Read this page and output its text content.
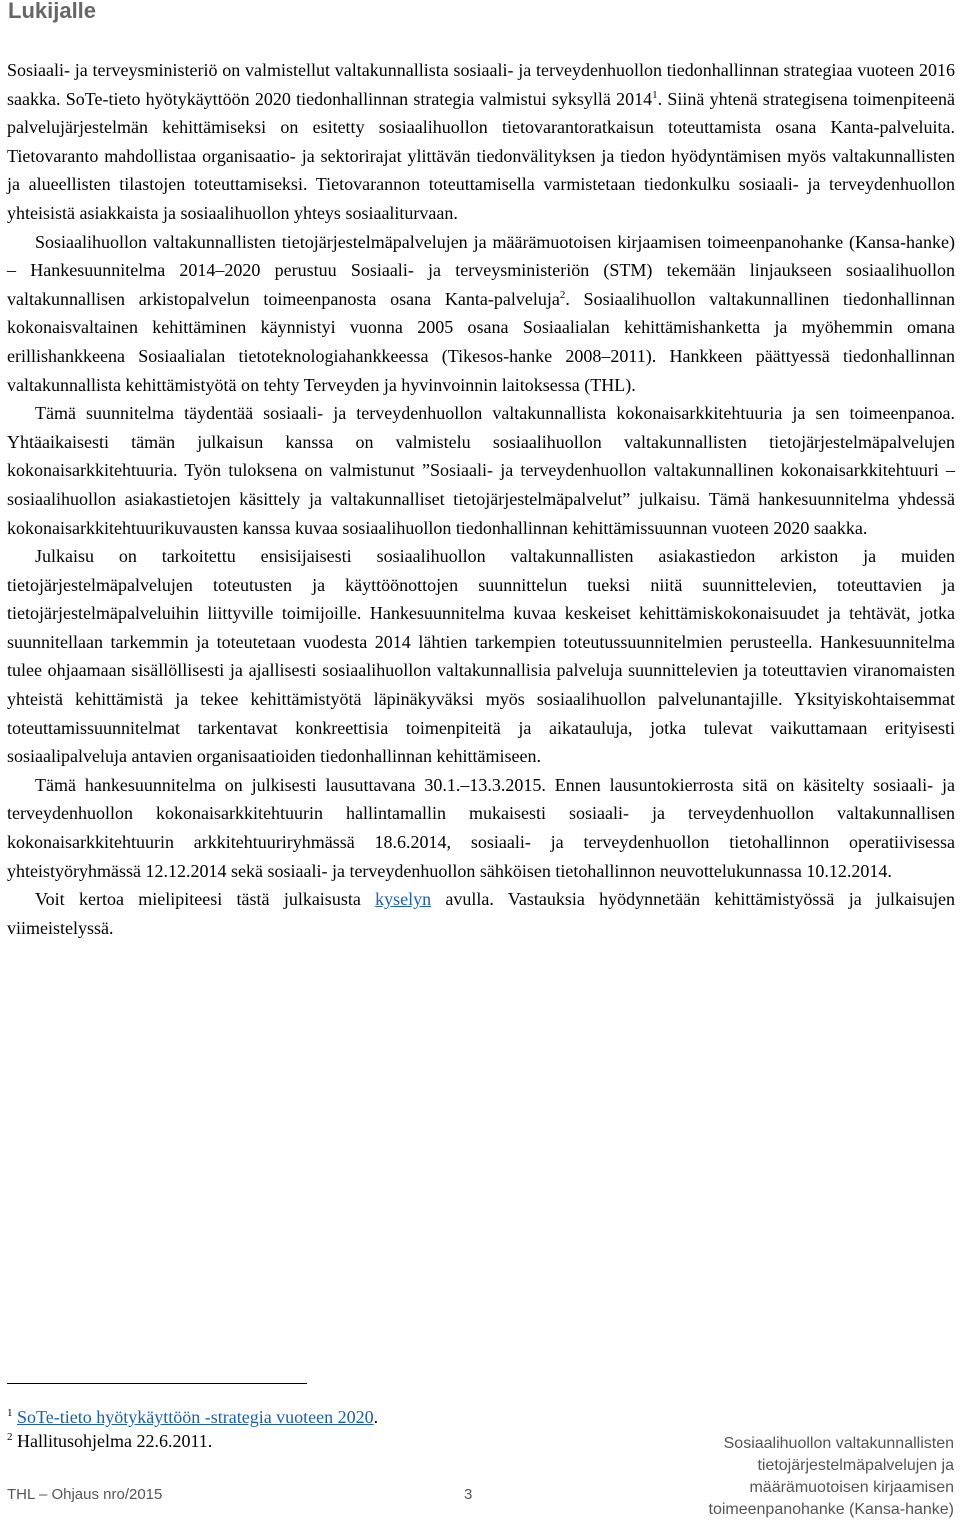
Lukijalle

Sosiaali- ja terveysministeriö on valmistellut valtakunnallista sosiaali- ja terveydenhuollon tiedonhallinnan strategiaa vuoteen 2016 saakka. SoTe-tieto hyötykäyttöön 2020 tiedonhallinnan strategia valmistui syksyllä 2014$^1$. Siinä yhtenä strategisena toimenpiteenä palvelujärjestelmän kehittämiseksi on esitetty sosiaalihuollon tietovarantoratkaisun toteuttamista osana Kanta-palveluita. Tietovaranto mahdollistaa organisaatio- ja sektorirajat ylittävän tiedonvälityksen ja tiedon hyödyntämisen myös valtakunnallisten ja alueellisten tilastojen toteuttamiseksi. Tietovarannon toteuttamisella varmistetaan tiedonkulku sosiaali- ja terveydenhuollon yhteisistä asiakkaista ja sosiaalihuollon yhteys sosiaaliturvaan.

Sosiaalihuollon valtakunnallisten tietojärjestelmäpalvelujen ja määrämuotoisen kirjaamisen toimeenpanohanke (Kansa-hanke) – Hankesuunnitelma 2014–2020 perustuu Sosiaali- ja terveysministeriön (STM) tekemään linjaukseen sosiaalihuollon valtakunnallisen arkistopalvelun toimeenpanosta osana Kanta-palveluja$^2$. Sosiaalihuollon valtakunnallinen tiedonhallinnan kokonaisvaltainen kehittäminen käynnistyi vuonna 2005 osana Sosiaalialan kehittämishanketta ja myöhemmin omana erillishankkeena Sosiaalialan tietoteknologiahankkeessa (Tikesos-hanke 2008–2011). Hankkeen päättyessä tiedonhallinnan valtakunnallista kehittämistyötä on tehty Terveyden ja hyvinvoinnin laitoksessa (THL).

Tämä suunnitelma täydentää sosiaali- ja terveydenhuollon valtakunnallista kokonaisarkkitehtuuria ja sen toimeenpanoa. Yhtäaikaisesti tämän julkaisun kanssa on valmistelu sosiaalihuollon valtakunnallisten tietojärjestelmäpalvelujen kokonaisarkkitehtuuria. Työn tuloksena on valmistunut ”Sosiaali- ja terveydenhuollon valtakunnallinen kokonaisarkkitehtuuri – sosiaalihuollon asiakastietojen käsittely ja valtakunnalliset tietojärjestelmäpalvelut” julkaisu. Tämä hankesuunnitelma yhdessä kokonaisarkkitehtuurikuvausten kanssa kuvaa sosiaalihuollon tiedonhallinnan kehittämissuunnan vuoteen 2020 saakka.

Julkaisu on tarkoitettu ensisijaisesti sosiaalihuollon valtakunnallisten asiakastiedon arkiston ja muiden tietojärjestelmäpalvelujen toteutusten ja käyttöönottojen suunnittelun tueksi niitä suunnittelevien, toteuttavien ja tietojärjestelmäpalveluihin liittyville toimijoille. Hankesuunnitelma kuvaa keskeiset kehittämiskokonaisuudet ja tehtävät, jotka suunnitellaan tarkemmin ja toteutetaan vuodesta 2014 lähtien tarkempien toteutussuunnitelmien perusteella. Hankesuunnitelma tulee ohjaamaan sisällöllisesti ja ajallisesti sosiaalihuollon valtakunnallisia palveluja suunnittelevien ja toteuttavien viranomaisten yhteistä kehittämistä ja tekee kehittämistyötä läpinäkyväksi myös sosiaalihuollon palvelunantajille. Yksityiskohtaisemmat toteuttamissuunnitelmat tarkentavat konkreettisia toimenpiteitä ja aikatauluja, jotka tulevat vaikuttamaan erityisesti sosiaalipalveluja antavien organisaatioiden tiedonhallinnan kehittämiseen.

Tämä hankesuunnitelma on julkisesti lausuttavana 30.1.–13.3.2015. Ennen lausuntokierrosta sitä on käsitelty sosiaali- ja terveydenhuollon kokonaisarkkitehtuurin hallintamallin mukaisesti sosiaali- ja terveydenhuollon valtakunnallisen kokonaisarkkitehtuurin arkkitehtuuriryhmässä 18.6.2014, sosiaali- ja terveydenhuollon tietohallinnon operatiivisessa yhteistyöryhmässä 12.12.2014 sekä sosiaali- ja terveydenhuollon sähköisen tietohallinnon neuvottelukunnassa 10.12.2014.

Voit kertoa mielipiteesi tästä julkaisusta kyselyn avulla. Vastauksia hyödynnetään kehittämistyössä ja julkaisujen viimeistelyssä.

$^1$ SoTe-tieto hyötykäyttöön -strategia vuoteen 2020.
$^2$ Hallitusohjelma 22.6.2011.
THL – Ohjaus nro/2015	3
Sosiaalihuollon valtakunnallisten tietojärjestelmäpalvelujen ja määrämuotoisen kirjaamisen toimeenpanohanke (Kansa-hanke)
